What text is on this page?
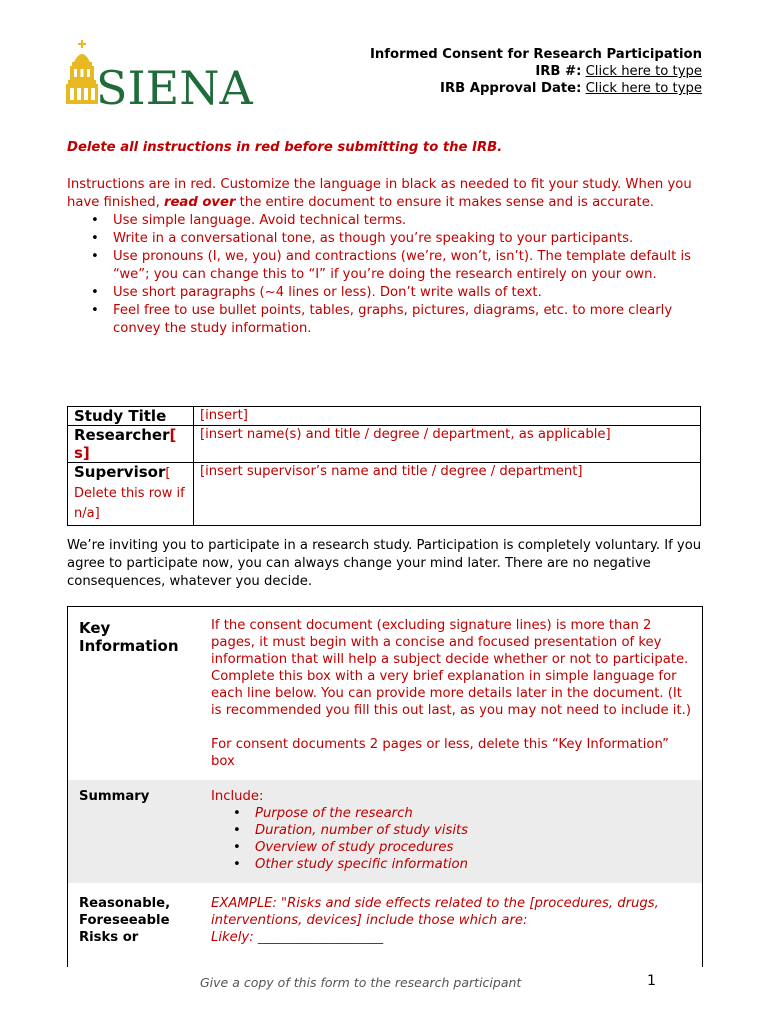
SIENA
Informed Consent for Research Participation
IRB #: Click here to type
IRB Approval Date: Click here to type
Delete all instructions in red before submitting to the IRB.
Instructions are in red. Customize the language in black as needed to fit your study. When you have finished, read over the entire document to ensure it makes sense and is accurate.
• Use simple language. Avoid technical terms.
• Write in a conversational tone, as though you’re speaking to your participants.
• Use pronouns (I, we, you) and contractions (we’re, won’t, isn’t). The template default is “we”; you can change this to “I” if you’re doing the research entirely on your own.
• Use short paragraphs (~4 lines or less). Don’t write walls of text.
• Feel free to use bullet points, tables, graphs, pictures, diagrams, etc. to more clearly convey the study information.
Study Title	[insert]
Researcher[
s]	[insert name(s) and title / degree / department, as applicable]
Supervisor[
Delete this row if n/a]	[insert supervisor’s name and title / degree / department]
We’re inviting you to participate in a research study. Participation is completely voluntary. If you agree to participate now, you can always change your mind later. There are no negative consequences, whatever you decide.
Key Information
If the consent document (excluding signature lines) is more than 2 pages, it must begin with a concise and focused presentation of key information that will help a subject decide whether or not to participate. Complete this box with a very brief explanation in simple language for each line below. You can provide more details later in the document. (It is recommended you fill this out last, as you may not need to include it.)
For consent documents 2 pages or less, delete this “Key Information” box
Summary	Include:
• Purpose of the research
• Duration, number of study visits
• Overview of study procedures
• Other study specific information
Reasonable, Foreseeable Risks or
EXAMPLE: "Risks and side effects related to the [procedures, drugs, interventions, devices] include those which are:
Likely: ___________________
Give a copy of this form to the research participant	1
